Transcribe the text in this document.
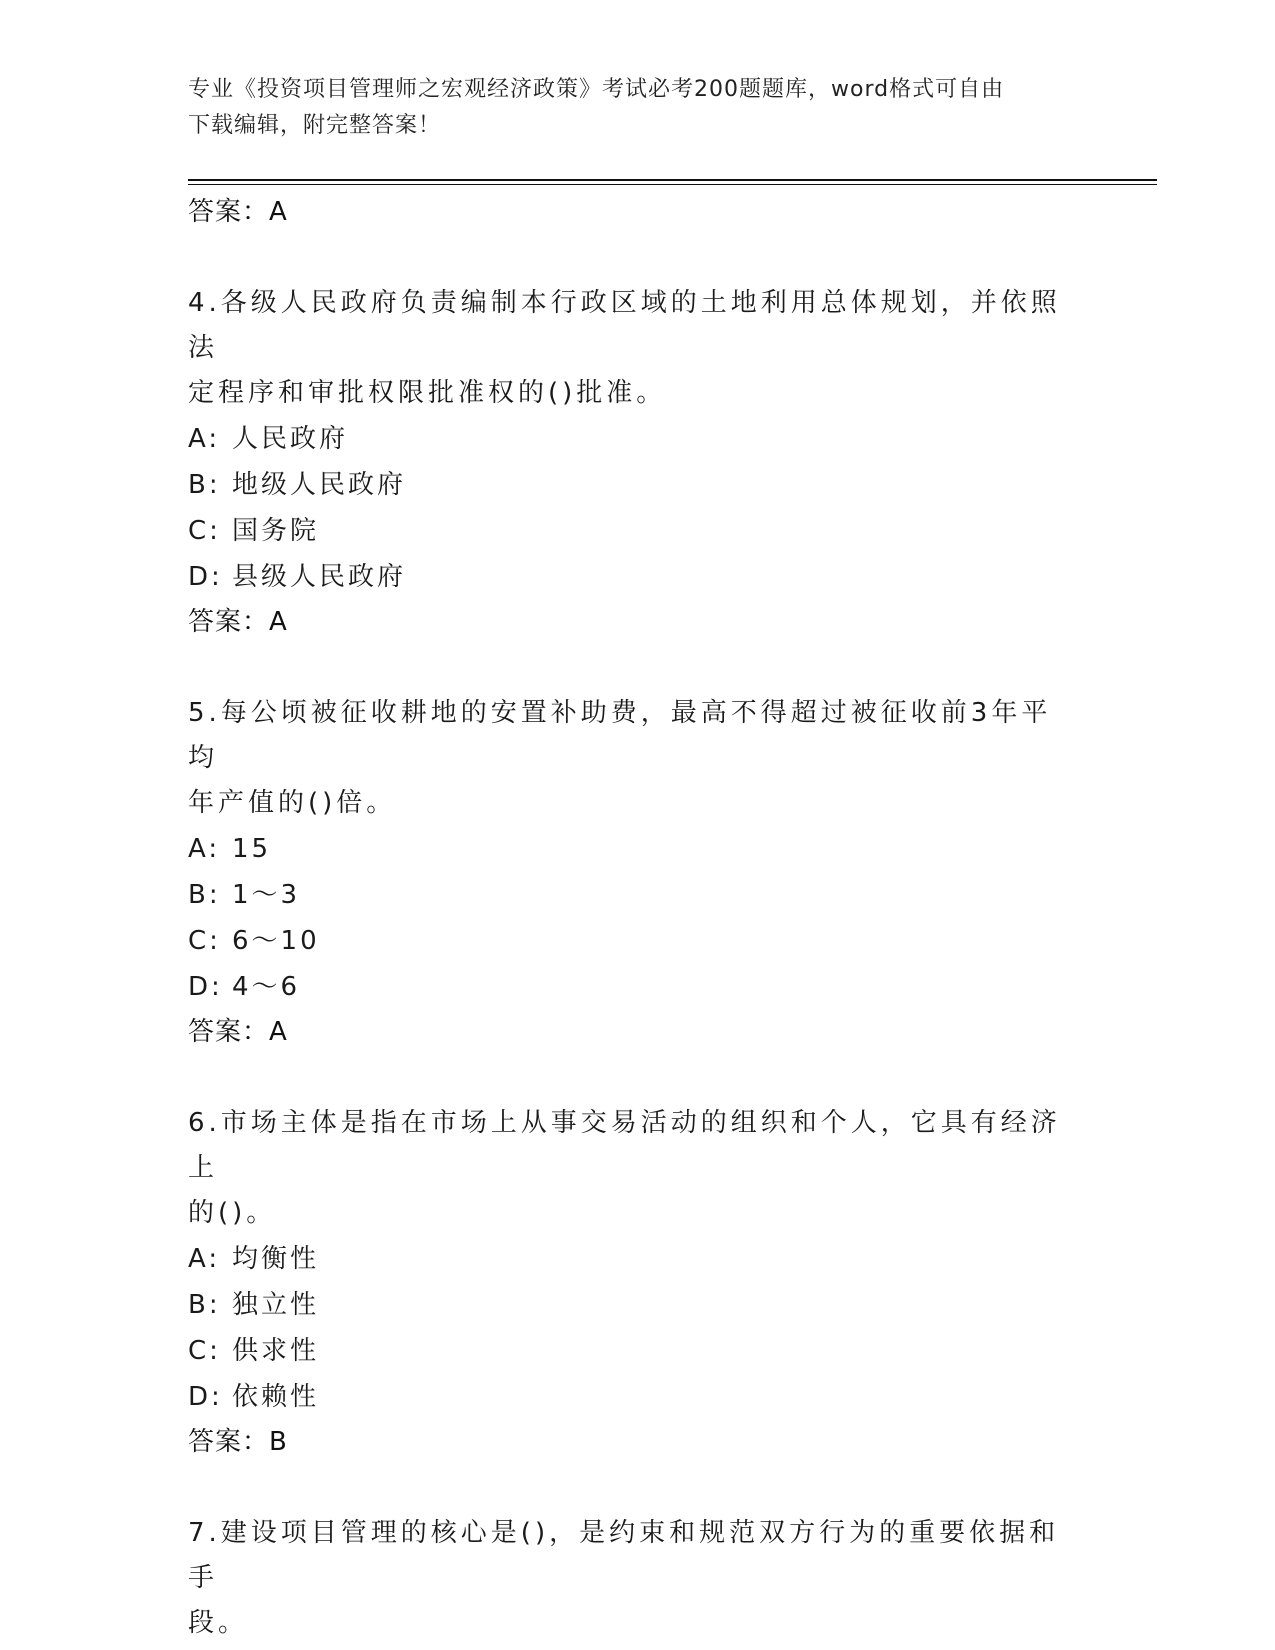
专业《投资项目管理师之宏观经济政策》考试必考200题题库，word格式可自由
下载编辑，附完整答案！
答案：A

4.各级人民政府负责编制本行政区域的土地利用总体规划，并依照法
定程序和审批权限批准权的()批准。

A: 人民政府
B: 地级人民政府
C: 国务院
D: 县级人民政府
答案：A

5.每公顷被征收耕地的安置补助费，最高不得超过被征收前3年平均
年产值的()倍。

A: 15
B: 1～3
C: 6～10
D: 4～6
答案：A

6.市场主体是指在市场上从事交易活动的组织和个人，它具有经济上
的()。

A: 均衡性
B: 独立性
C: 供求性
D: 依赖性
答案：B

7.建设项目管理的核心是()，是约束和规范双方行为的重要依据和手
段。
